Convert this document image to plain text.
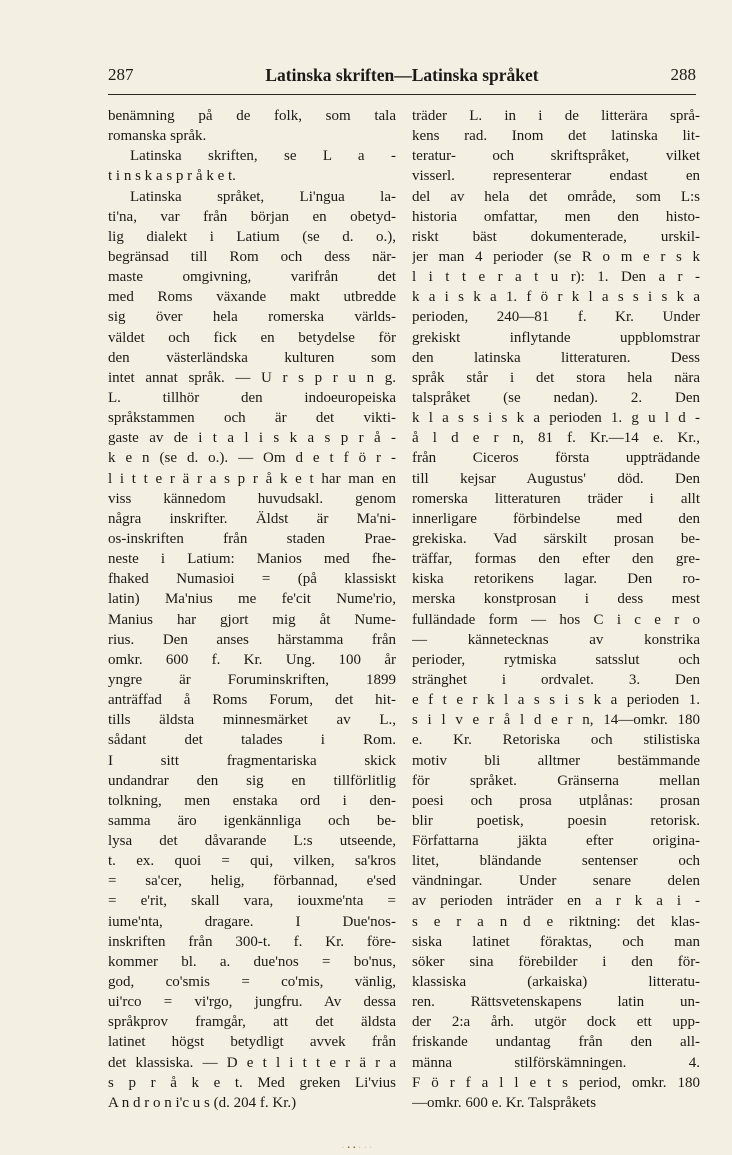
287	Latinska skriften—Latinska språket	288
benämning på de folk, som tala
romanska språk.
Latinska skriften, se L a -
t i n s k a s p r å k e t.
Latinska språket, Li'ngua la-
ti'na, var från början en obetyd-
lig dialekt i Latium (se d. o.),
begränsad till Rom och dess när-
maste omgivning, varifrån det
med Roms växande makt utbredde
sig över hela romerska världs-
väldet och fick en betydelse för
den västerländska kulturen som
intet annat språk. — U r s p r u n g.
L. tillhör den indoeuropeiska
språkstammen och är det vikti-
gaste av de i t a l i s k a s p r å -
k e n (se d. o.). — Om d e t f ö r -
l i t t e r ä r a s p r å k e t har man en
viss kännedom huvudsakl. genom
några inskrifter. Äldst är Ma'ni-
os-inskriften från staden Prae-
neste i Latium: Manios med fhe-
fhaked Numasioi = (på klassiskt
latin) Ma'nius me fe'cit Nume'rio,
Manius har gjort mig åt Nume-
rius. Den anses härstamma från
omkr. 600 f. Kr. Ung. 100 år
yngre är Foruminskriften, 1899
anträffad å Roms Forum, det hit-
tills äldsta minnesmärket av L.,
sådant det talades i Rom.
I sitt fragmentariska skick
undandrar den sig en tillförlitlig
tolkning, men enstaka ord i den-
samma äro igenkännliga och be-
lysa det dåvarande L:s utseende,
t. ex. quoi = qui, vilken, sa'kros
= sa'cer, helig, förbannad, e'sed
= e'rit, skall vara, iouxme'nta =
iume'nta, dragare. I Due'nos-
inskriften från 300-t. f. Kr. före-
kommer bl. a. due'nos = bo'nus,
god, co'smis = co'mis, vänlig,
ui'rco = vi'rgo, jungfru. Av dessa
språkprov framgår, att det äldsta
latinet högst betydligt avvek från
det klassiska. — D e t l i t t e r ä r a
s p r å k e t. Med greken Li'vius
A n d r o n i'c u s (d. 204 f. Kr.)
träder L. in i de litterära språ-
kens rad. Inom det latinska lit-
teratur- och skriftspråket, vilket
visserl. representerar endast en
del av hela det område, som L:s
historia omfattar, men den histo-
riskt bäst dokumenterade, urskil-
jer man 4 perioder (se R o m e r s k
l i t t e r a t u r): 1. Den a r -
k a i s k a 1. f ö r k l a s s i s k a
perioden, 240—81 f. Kr. Under
grekiskt inflytande uppblomstrar
den latinska litteraturen. Dess
språk står i det stora hela nära
talspråket (se nedan). 2. Den
k l a s s i s k a perioden 1. g u l d -
å l d e r n, 81 f. Kr.—14 e. Kr.,
från Ciceros första uppträdande
till kejsar Augustus' död. Den
romerska litteraturen träder i allt
innerligare förbindelse med den
grekiska. Vad särskilt prosan be-
träffar, formas den efter den gre-
kiska retorikens lagar. Den ro-
merska konstprosan i dess mest
fulländade form — hos C i c e r o
— kännetecknas av konstrika
perioder, rytmiska satsslut och
stränghet i ordvalet. 3. Den
e f t e r k l a s s i s k a perioden 1.
s i l v e r å l d e r n, 14—omkr. 180
e. Kr. Retoriska och stilistiska
motiv bli alltmer bestämmande
för språket. Gränserna mellan
poesi och prosa utplånas: prosan
blir poetisk, poesin retorisk.
Författarna jäkta efter origina-
litet, bländande sentenser och
vändningar. Under senare delen
av perioden inträder en a r k a i -
s e r a n d e riktning: det klas-
siska latinet föraktas, och man
söker sina förebilder i den för-
klassiska (arkaiska) litteratu-
ren. Rättsvetenskapens latin un-
der 2:a årh. utgör dock ett upp-
friskande undantag från den all-
männa stilförskämningen. 4.
F ö r f a l l e t s period, omkr. 180
—omkr. 600 e. Kr. Talspråkets
· ▪ ▪ · · ·
